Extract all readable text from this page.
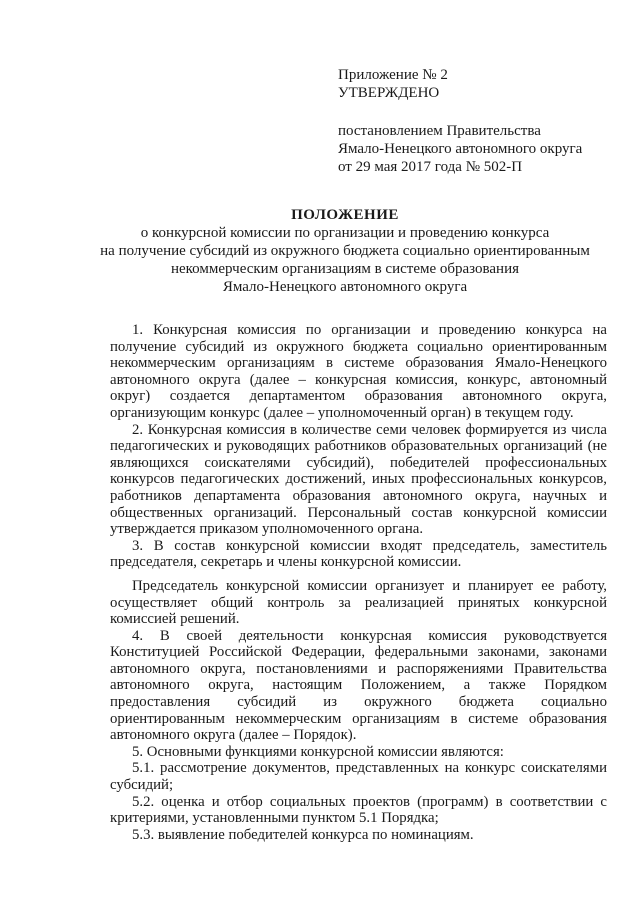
Приложение № 2
УТВЕРЖДЕНО
постановлением Правительства
Ямало-Ненецкого автономного округа
от 29 мая 2017 года № 502-П
ПОЛОЖЕНИЕ
о конкурсной комиссии по организации и проведению конкурса
на получение субсидий из окружного бюджета социально ориентированным
некоммерческим организациям в системе образования
Ямало-Ненецкого автономного округа

1. Конкурсная комиссия по организации и проведению конкурса на получение субсидий из окружного бюджета социально ориентированным некоммерческим организациям в системе образования Ямало-Ненецкого автономного округа (далее – конкурсная комиссия, конкурс, автономный округ) создается департаментом образования автономного округа, организующим конкурс (далее – уполномоченный орган) в текущем году.

2. Конкурсная комиссия в количестве семи человек формируется из числа педагогических и руководящих работников образовательных организаций (не являющихся соискателями субсидий), победителей профессиональных конкурсов педагогических достижений, иных профессиональных конкурсов, работников департамента образования автономного округа, научных и общественных организаций. Персональный состав конкурсной комиссии утверждается приказом уполномоченного органа.

3. В состав конкурсной комиссии входят председатель, заместитель председателя, секретарь и члены конкурсной комиссии.

Председатель конкурсной комиссии организует и планирует ее работу, осуществляет общий контроль за реализацией принятых конкурсной комиссией решений.

4. В своей деятельности конкурсная комиссия руководствуется Конституцией Российской Федерации, федеральными законами, законами автономного округа, постановлениями и распоряжениями Правительства автономного округа, настоящим Положением, а также Порядком предоставления субсидий из окружного бюджета социально ориентированным некоммерческим организациям в системе образования автономного округа (далее – Порядок).

5. Основными функциями конкурсной комиссии являются:

5.1. рассмотрение документов, представленных на конкурс соискателями субсидий;

5.2. оценка и отбор социальных проектов (программ) в соответствии с критериями, установленными пунктом 5.1 Порядка;

5.3. выявление победителей конкурса по номинациям.
